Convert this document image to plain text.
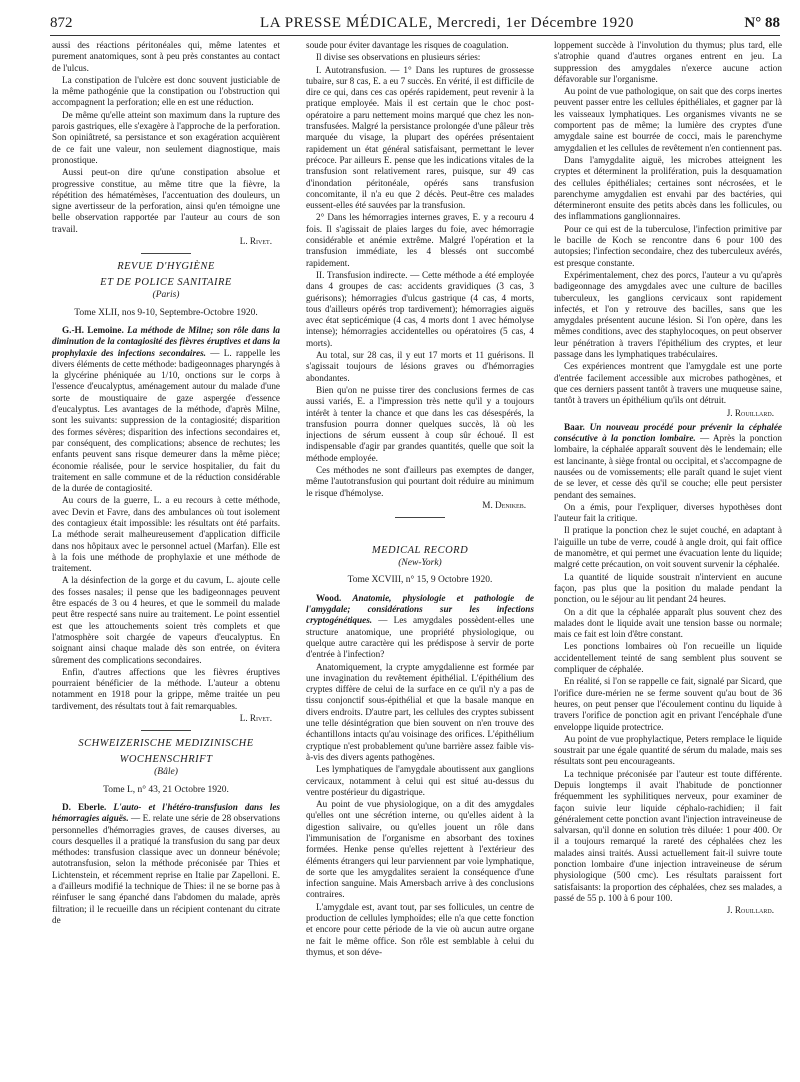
872	LA PRESSE MÉDICALE, Mercredi, 1er Décembre 1920	N° 88

aussi des réactions péritonéales qui, même latentes et purement anatomiques, sont à peu près constantes au contact de l'ulcus.

La constipation de l'ulcère est donc souvent justiciable de la même pathogénie que la constipation ou l'obstruction qui accompagnent la perforation; elle en est une réduction.

De même qu'elle atteint son maximum dans la rupture des parois gastriques, elle s'exagère à l'approche de la perforation. Son opiniâtreté, sa persistance et son exagération acquièrent de ce fait une valeur, non seulement diagnostique, mais pronostique.

Aussi peut-on dire qu'une constipation absolue et progressive constitue, au même titre que la fièvre, la répétition des hématémèses, l'accentuation des douleurs, un signe avertisseur de la perforation, ainsi qu'en témoigne une belle observation rapportée par l'auteur au cours de son travail.

L. Rivet.
REVUE D'HYGIÈNE
ET DE POLICE SANITAIRE
(Paris)
Tome XLII, nos 9-10, Septembre-Octobre 1920.

G.-H. Lemoine. La méthode de Milne; son rôle dans la diminution de la contagiosité des fièvres éruptives et dans la prophylaxie des infections secondaires. — L. rappelle les divers éléments de cette méthode: badigeonnages pharyngés à la glycérine phéniquée au 1/10, onctions sur le corps à l'essence d'eucalyptus, aménagement autour du malade d'une sorte de moustiquaire de gaze aspergée d'essence d'eucalyptus. Les avantages de la méthode, d'après Milne, sont les suivants: suppression de la contagiosité; disparition des formes sévères; disparition des infections secondaires et, par conséquent, des complications; absence de rechutes; les enfants peuvent sans risque demeurer dans la même pièce; économie réalisée, pour le service hospitalier, du fait du traitement en salle commune et de la réduction considérable de la durée de contagiosité.

Au cours de la guerre, L. a eu recours à cette méthode, avec Devin et Favre, dans des ambulances où tout isolement des contagieux était impossible: les résultats ont été parfaits. La méthode serait malheureusement d'application difficile dans nos hôpitaux avec le personnel actuel (Marfan). Elle est à la fois une méthode de prophylaxie et une méthode de traitement.

A la désinfection de la gorge et du cavum, L. ajoute celle des fosses nasales; il pense que les badigeonnages peuvent être espacés de 3 ou 4 heures, et que le sommeil du malade peut être respecté sans nuire au traitement. Le point essentiel est que les attouchements soient très complets et que l'atmosphère soit chargée de vapeurs d'eucalyptus. En soignant ainsi chaque malade dès son entrée, on évitera sûrement des complications secondaires.

Enfin, d'autres affections que les fièvres éruptives pourraient bénéficier de la méthode. L'auteur a obtenu notamment en 1918 pour la grippe, même traitée un peu tardivement, des résultats tout à fait remarquables.

L. Rivet.
SCHWEIZERISCHE MEDIZINISCHE
WOCHENSCHRIFT
(Bâle)
Tome L, n° 43, 21 Octobre 1920.

D. Eberle. L'auto- et l'hétéro-transfusion dans les hémorragies aiguës. — E. relate une série de 28 observations personnelles d'hémorragies graves, de causes diverses, au cours desquelles il a pratiqué la transfusion du sang par deux méthodes: transfusion classique avec un donneur bénévole; autotransfusion, selon la méthode préconisée par Thies et Lichtenstein, et récemment reprise en Italie par Zapelloni. E. a d'ailleurs modifié la technique de Thies: il ne se borne pas à réinfuser le sang épanché dans l'abdomen du malade, après filtration; il le recueille dans un récipient contenant du citrate de

soude pour éviter davantage les risques de coagulation.

Il divise ses observations en plusieurs séries:

I. Autotransfusion. — 1° Dans les ruptures de grossesse tubaire, sur 8 cas, E. a eu 7 succès. En vérité, il est difficile de dire ce qui, dans ces cas opérés rapidement, peut revenir à la pratique employée. Mais il est certain que le choc post-opératoire a paru nettement moins marqué que chez les non-transfusées. Malgré la persistance prolongée d'une pâleur très marquée du visage, la plupart des opérées présentaient rapidement un état général satisfaisant, permettant le lever précoce. Par ailleurs E. pense que les indications vitales de la transfusion sont relativement rares, puisque, sur 49 cas d'inondation péritonéale, opérés sans transfusion concomitante, il n'a eu que 2 décès. Peut-être ces malades eussent-elles été sauvées par la transfusion.

2° Dans les hémorragies internes graves, E. y a recouru 4 fois. Il s'agissait de plaies larges du foie, avec hémorragie considérable et anémie extrême. Malgré l'opération et la transfusion immédiate, les 4 blessés ont succombé rapidement.

II. Transfusion indirecte. — Cette méthode a été employée dans 4 groupes de cas: accidents gravidiques (3 cas, 3 guérisons); hémorragies d'ulcus gastrique (4 cas, 4 morts, tous d'ailleurs opérés trop tardivement); hémorragies aiguës avec état septicémique (4 cas, 4 morts dont 1 avec hémolyse intense); hémorragies accidentelles ou opératoires (5 cas, 4 morts).

Au total, sur 28 cas, il y eut 17 morts et 11 guérisons. Il s'agissait toujours de lésions graves ou d'hémorragies abondantes.

Bien qu'on ne puisse tirer des conclusions fermes de cas aussi variés, E. a l'impression très nette qu'il y a toujours intérêt à tenter la chance et que dans les cas désespérés, la transfusion pourra donner quelques succès, là où les injections de sérum eussent à coup sûr échoué. Il est indispensable d'agir par grandes quantités, quelle que soit la méthode employée.

Ces méthodes ne sont d'ailleurs pas exemptes de danger, même l'autotransfusion qui pourtant doit réduire au minimum le risque d'hémolyse.

M. Denikeb.
MEDICAL RECORD
(New-York)
Tome XCVIII, n° 15, 9 Octobre 1920.

Wood. Anatomie, physiologie et pathologie de l'amygdale; considérations sur les infections cryptogénétiques. — Les amygdales possèdent-elles une structure anatomique, une propriété physiologique, ou quelque autre caractère qui les prédispose à servir de porte d'entrée à l'infection?

Anatomiquement, la crypte amygdalienne est formée par une invagination du revêtement épithélial. L'épithélium des cryptes diffère de celui de la surface en ce qu'il n'y a pas de tissu conjonctif sous-épithélial et que la basale manque en divers endroits. D'autre part, les cellules des cryptes subissent une telle désintégration que bien souvent on n'en trouve des échantillons intacts qu'au voisinage des orifices. L'épithélium cryptique n'est probablement qu'une barrière assez faible vis-à-vis des divers agents pathogènes.

Les lymphatiques de l'amygdale aboutissent aux ganglions cervicaux, notamment à celui qui est situé au-dessus du ventre postérieur du digastrique.

Au point de vue physiologique, on a dit des amygdales qu'elles ont une sécrétion interne, ou qu'elles aident à la digestion salivaire, ou qu'elles jouent un rôle dans l'immunisation de l'organisme en absorbant des toxines formées. Henke pense qu'elles rejettent à l'extérieur des éléments étrangers qui leur parviennent par voie lymphatique, de sorte que les amygdalites seraient la conséquence d'une infection sanguine. Mais Amersbach arrive à des conclusions contraires.

L'amygdale est, avant tout, par ses follicules, un centre de production de cellules lymphoïdes; elle n'a que cette fonction et encore pour cette période de la vie où aucun autre organe ne fait le même office. Son rôle est semblable à celui du thymus, et son déve-

loppement succède à l'involution du thymus; plus tard, elle s'atrophie quand d'autres organes entrent en jeu. La suppression des amygdales n'exerce aucune action défavorable sur l'organisme.

Au point de vue pathologique, on sait que des corps inertes peuvent passer entre les cellules épithéliales, et gagner par là les vaisseaux lymphatiques. Les organismes vivants ne se comportent pas de même; la lumière des cryptes d'une amygdale saine est bourrée de cocci, mais le parenchyme amygdalien et les cellules de revêtement n'en contiennent pas.

Dans l'amygdalite aiguë, les microbes atteignent les cryptes et déterminent la prolifération, puis la desquamation des cellules épithéliales; certaines sont nécrosées, et le parenchyme amygdalien est envahi par des bactéries, qui détermineront ensuite des petits abcès dans les follicules, ou des inflammations ganglionnaires.

Pour ce qui est de la tuberculose, l'infection primitive par le bacille de Koch se rencontre dans 6 pour 100 des autopsies; l'infection secondaire, chez des tuberculeux avérés, est presque constante.

Expérimentalement, chez des porcs, l'auteur a vu qu'après badigeonnage des amygdales avec une culture de bacilles tuberculeux, les ganglions cervicaux sont rapidement infectés, et l'on y retrouve des bacilles, sans que les amygdales présentent aucune lésion. Si l'on opère, dans les mêmes conditions, avec des staphylocoques, on peut observer leur pénétration à travers l'épithélium des cryptes, et leur passage dans les lymphatiques trabéculaires.

Ces expériences montrent que l'amygdale est une porte d'entrée facilement accessible aux microbes pathogènes, et que ces derniers passent tantôt à travers une muqueuse saine, tantôt à travers un épithélium qu'ils ont détruit.

J. Rouillard.

Baar. Un nouveau procédé pour prévenir la céphalée consécutive à la ponction lombaire. — Après la ponction lombaire, la céphalée apparaît souvent dès le lendemain; elle est lancinante, à siège frontal ou occipital, et s'accompagne de nausées ou de vomissements; elle paraît quand le sujet vient de se lever, et cesse dès qu'il se couche; elle peut persister pendant des semaines.

On a émis, pour l'expliquer, diverses hypothèses dont l'auteur fait la critique.

Il pratique la ponction chez le sujet couché, en adaptant à l'aiguille un tube de verre, coudé à angle droit, qui fait office de manomètre, et qui permet une évacuation lente du liquide; malgré cette précaution, on voit souvent survenir la céphalée.

La quantité de liquide soustrait n'intervient en aucune façon, pas plus que la position du malade pendant la ponction, ou le séjour au lit pendant 24 heures.

On a dit que la céphalée apparaît plus souvent chez des malades dont le liquide avait une tension basse ou normale; mais ce fait est loin d'être constant.

Les ponctions lombaires où l'on recueille un liquide accidentellement teinté de sang semblent plus souvent se compliquer de céphalée.

En réalité, si l'on se rappelle ce fait, signalé par Sicard, que l'orifice dure-mérien ne se ferme souvent qu'au bout de 36 heures, on peut penser que l'écoulement continu du liquide à travers l'orifice de ponction agit en privant l'encéphale d'une enveloppe liquide protectrice.

Au point de vue prophylactique, Peters remplace le liquide soustrait par une égale quantité de sérum du malade, mais ses résultats sont peu encourageants.

La technique préconisée par l'auteur est toute différente. Depuis longtemps il avait l'habitude de ponctionner fréquemment les syphilitiques nerveux, pour examiner de façon suivie leur liquide céphalo-rachidien; il fait généralement cette ponction avant l'injection intraveineuse de salvarsan, qu'il donne en solution très diluée: 1 pour 400. Or il a toujours remarqué la rareté des céphalées chez les malades ainsi traités. Aussi actuellement fait-il suivre toute ponction lombaire d'une injection intraveineuse de sérum physiologique (500 cmc). Les résultats paraissent fort satisfaisants: la proportion des céphalées, chez ses malades, a passé de 55 p. 100 à 6 pour 100.

J. Rouillard.
